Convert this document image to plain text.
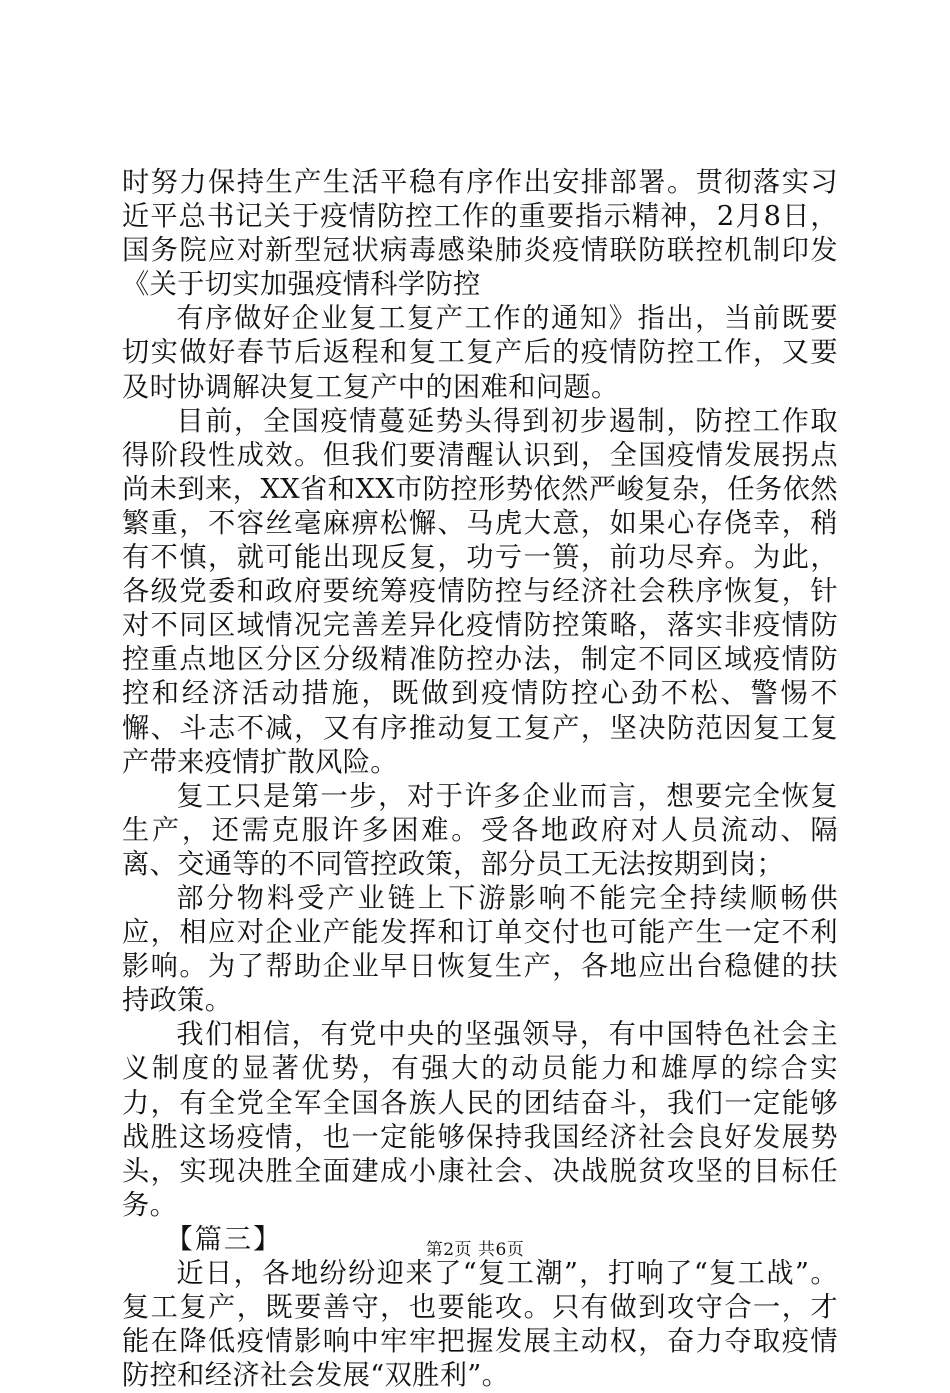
时努力保持生产生活平稳有序作出安排部署。贯彻落实习近平总书记关于疫情防控工作的重要指示精神，2月8日，国务院应对新型冠状病毒感染肺炎疫情联防联控机制印发《关于切实加强疫情科学防控

有序做好企业复工复产工作的通知》指出，当前既要切实做好春节后返程和复工复产后的疫情防控工作，又要及时协调解决复工复产中的困难和问题。

目前，全国疫情蔓延势头得到初步遏制，防控工作取得阶段性成效。但我们要清醒认识到，全国疫情发展拐点尚未到来，XX省和XX市防控形势依然严峻复杂，任务依然繁重，不容丝毫麻痹松懈、马虎大意，如果心存侥幸，稍有不慎，就可能出现反复，功亏一篑，前功尽弃。为此，各级党委和政府要统筹疫情防控与经济社会秩序恢复，针对不同区域情况完善差异化疫情防控策略，落实非疫情防控重点地区分区分级精准防控办法，制定不同区域疫情防控和经济活动措施，既做到疫情防控心劲不松、警惕不懈、斗志不减，又有序推动复工复产，坚决防范因复工复产带来疫情扩散风险。

复工只是第一步，对于许多企业而言，想要完全恢复生产，还需克服许多困难。受各地政府对人员流动、隔离、交通等的不同管控政策，部分员工无法按期到岗；

部分物料受产业链上下游影响不能完全持续顺畅供应，相应对企业产能发挥和订单交付也可能产生一定不利影响。为了帮助企业早日恢复生产，各地应出台稳健的扶持政策。

我们相信，有党中央的坚强领导，有中国特色社会主义制度的显著优势，有强大的动员能力和雄厚的综合实力，有全党全军全国各族人民的团结奋斗，我们一定能够战胜这场疫情，也一定能够保持我国经济社会良好发展势头，实现决胜全面建成小康社会、决战脱贫攻坚的目标任务。

【篇三】

近日，各地纷纷迎来了“复工潮”，打响了“复工战”。复工复产，既要善守，也要能攻。只有做到攻守合一，才能在降低疫情影响中牢牢把握发展主动权，奋力夺取疫情防控和经济社会发展“双胜利”。

第2页 共6页
